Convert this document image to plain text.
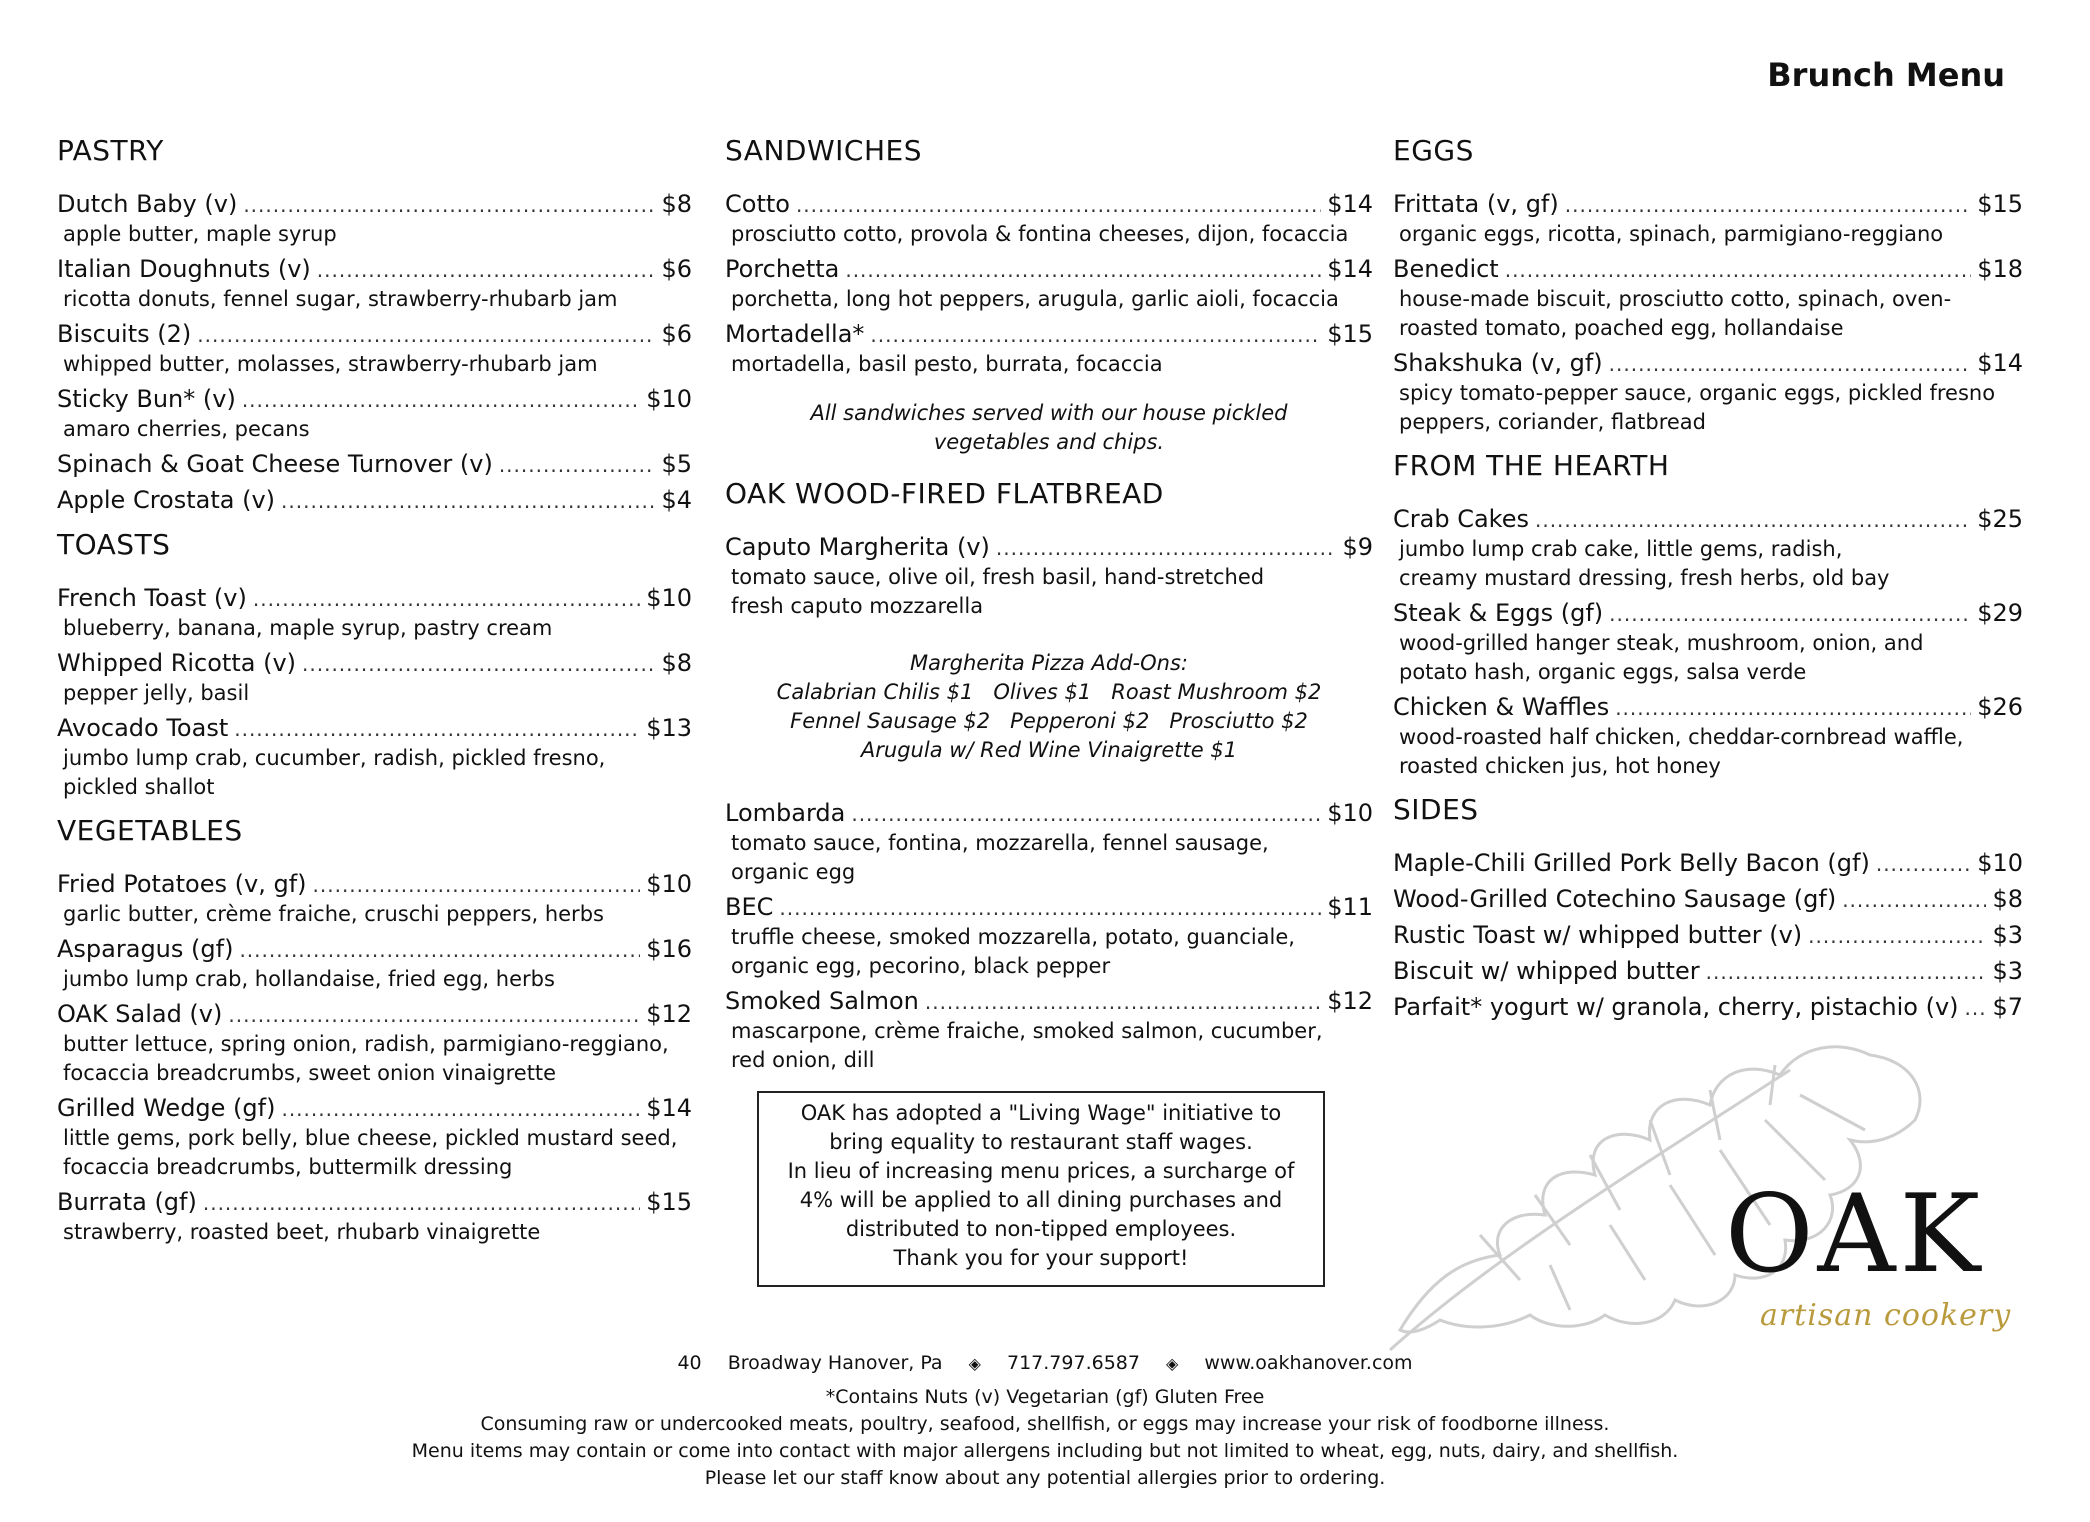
Brunch Menu
PASTRY
Dutch Baby (v) .....	$8
apple butter, maple syrup
Italian Doughnuts (v) .....	$6
ricotta donuts, fennel sugar, strawberry-rhubarb jam
Biscuits (2) .....	$6
whipped butter, molasses, strawberry-rhubarb jam
Sticky Bun* (v) .....	$10
amaro cherries, pecans
Spinach & Goat Cheese Turnover (v) .....	$5
Apple Crostata (v) .....	$4
TOASTS
French Toast (v) .....	$10
blueberry, banana, maple syrup, pastry cream
Whipped Ricotta (v) .....	$8
pepper jelly, basil
Avocado Toast .....	$13
jumbo lump crab, cucumber, radish, pickled fresno,
pickled shallot
VEGETABLES
Fried Potatoes (v, gf) .....	$10
garlic butter, crème fraiche, cruschi peppers, herbs
Asparagus (gf) .....	$16
jumbo lump crab, hollandaise, fried egg, herbs
OAK Salad (v) .....	$12
butter lettuce, spring onion, radish, parmigiano-reggiano,
focaccia breadcrumbs, sweet onion vinaigrette
Grilled Wedge (gf) .....	$14
little gems, pork belly, blue cheese, pickled mustard seed,
focaccia breadcrumbs, buttermilk dressing
Burrata (gf) .....	$15
strawberry, roasted beet, rhubarb vinaigrette
SANDWICHES
Cotto .....	$14
prosciutto cotto, provola & fontina cheeses, dijon, focaccia
Porchetta .....	$14
porchetta, long hot peppers, arugula, garlic aioli, focaccia
Mortadella* .....	$15
mortadella, basil pesto, burrata, focaccia
All sandwiches served with our house pickled
vegetables and chips.
OAK WOOD-FIRED FLATBREAD
Caputo Margherita (v) .....	$9
tomato sauce, olive oil, fresh basil, hand-stretched
fresh caputo mozzarella
Margherita Pizza Add-Ons:
Calabrian Chilis $1   Olives $1   Roast Mushroom $2
Fennel Sausage $2   Pepperoni $2   Prosciutto $2
Arugula w/ Red Wine Vinaigrette $1
Lombarda .....	$10
tomato sauce, fontina, mozzarella, fennel sausage,
organic egg
BEC .....	$11
truffle cheese, smoked mozzarella, potato, guanciale,
organic egg, pecorino, black pepper
Smoked Salmon .....	$12
mascarpone, crème fraiche, smoked salmon, cucumber,
red onion, dill
EGGS
Frittata (v, gf) .....	$15
organic eggs, ricotta, spinach, parmigiano-reggiano
Benedict .....	$18
house-made biscuit, prosciutto cotto, spinach, oven-
roasted tomato, poached egg, hollandaise
Shakshuka (v, gf) .....	$14
spicy tomato-pepper sauce, organic eggs, pickled fresno
peppers, coriander, flatbread
FROM THE HEARTH
Crab Cakes .....	$25
jumbo lump crab cake, little gems, radish,
creamy mustard dressing, fresh herbs, old bay
Steak & Eggs (gf) .....	$29
wood-grilled hanger steak, mushroom, onion, and
potato hash, organic eggs, salsa verde
Chicken & Waffles .....	$26
wood-roasted half chicken, cheddar-cornbread waffle,
roasted chicken jus, hot honey
SIDES
Maple-Chili Grilled Pork Belly Bacon (gf) .....	$10
Wood-Grilled Cotechino Sausage (gf) .....	$8
Rustic Toast w/ whipped butter (v) .....	$3
Biscuit w/ whipped butter .....	$3
Parfait* yogurt w/ granola, cherry, pistachio (v) ..... $7
OAK has adopted a "Living Wage" initiative to
bring equality to restaurant staff wages.
In lieu of increasing menu prices, a surcharge of
4% will be applied to all dining purchases and
distributed to non-tipped employees.
Thank you for your support!	OAK
artisan cookery
40 Broadway Hanover, Pa ◈ 717.797.6587 ◈ www.oakhanover.com
*Contains Nuts (v) Vegetarian (gf) Gluten Free
Consuming raw or undercooked meats, poultry, seafood, shellfish, or eggs may increase your risk of foodborne illness.
Menu items may contain or come into contact with major allergens including but not limited to wheat, egg, nuts, dairy, and shellfish.
Please let our staff know about any potential allergies prior to ordering.
